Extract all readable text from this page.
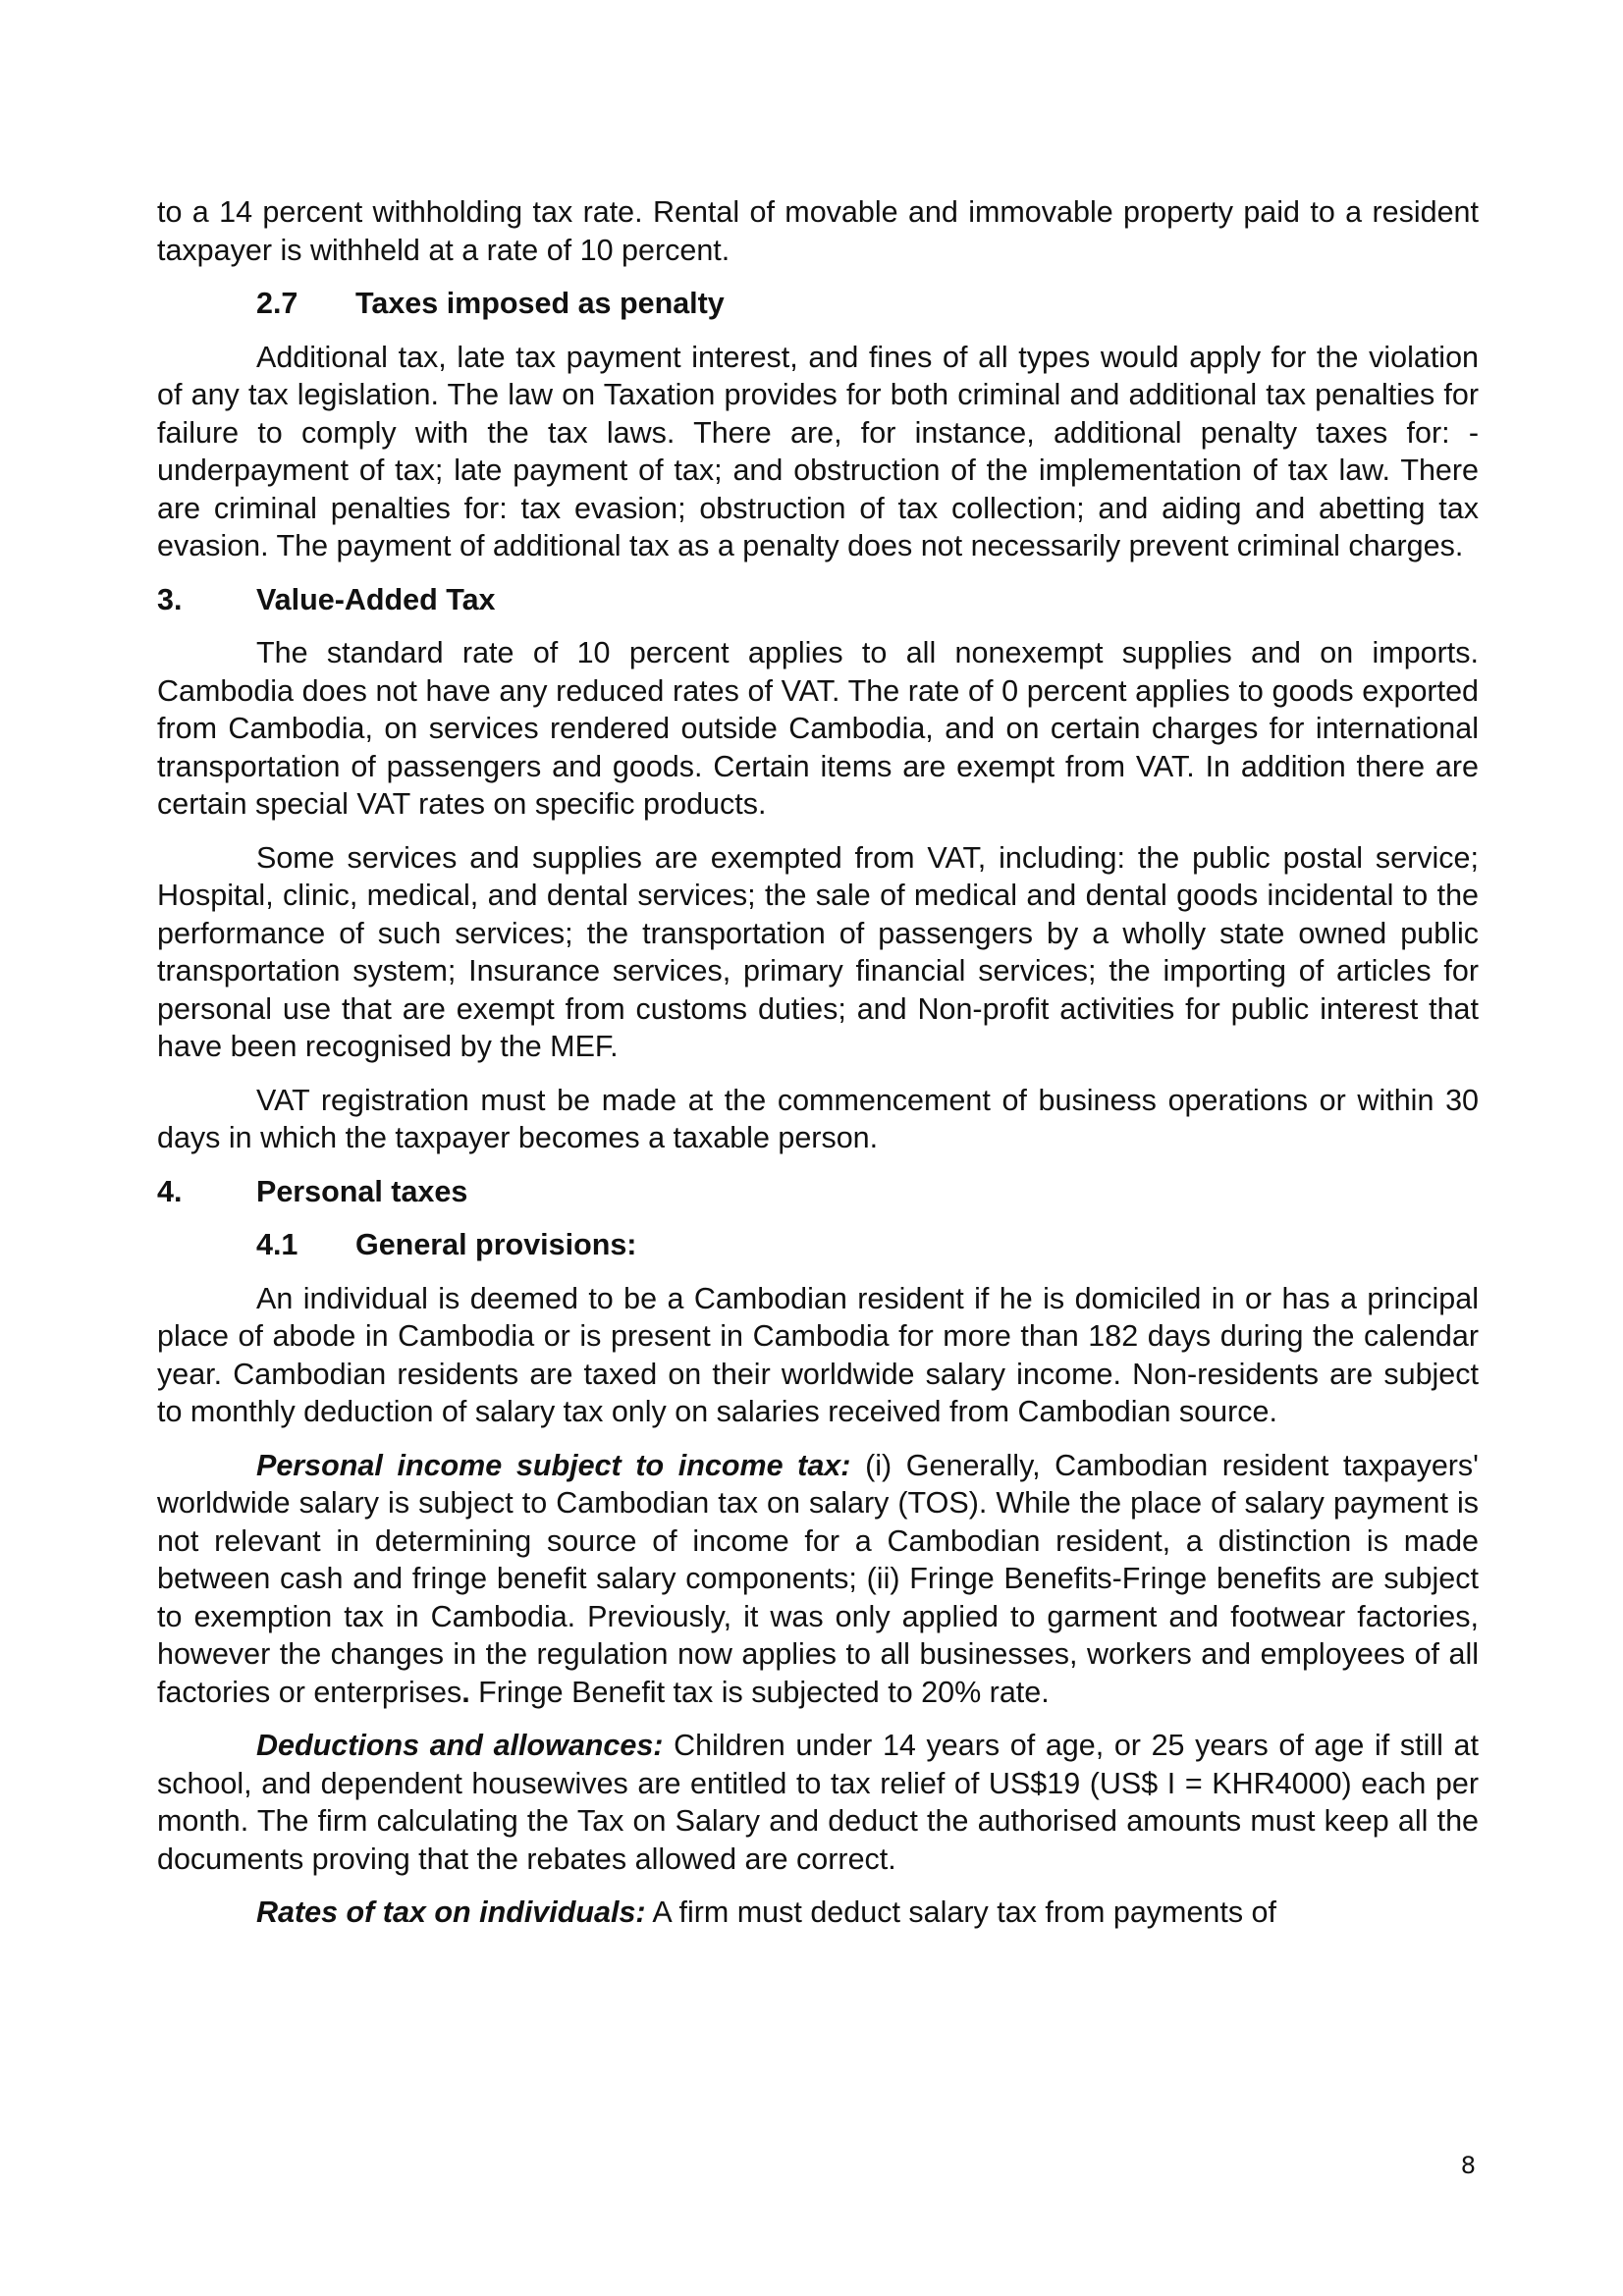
to a 14 percent withholding tax rate. Rental of movable and immovable property paid to a resident taxpayer is withheld at a rate of 10 percent.

2.7	Taxes imposed as penalty

Additional tax, late tax payment interest, and fines of all types would apply for the violation of any tax legislation. The law on Taxation provides for both criminal and additional tax penalties for failure to comply with the tax laws. There are, for instance, additional penalty taxes for: - underpayment of tax; late payment of tax; and obstruction of the implementation of tax law. There are criminal penalties for: tax evasion; obstruction of tax collection; and aiding and abetting tax evasion. The payment of additional tax as a penalty does not necessarily prevent criminal charges.

3.	Value-Added Tax

The standard rate of 10 percent applies to all nonexempt supplies and on imports. Cambodia does not have any reduced rates of VAT. The rate of 0 percent applies to goods exported from Cambodia, on services rendered outside Cambodia, and on certain charges for international transportation of passengers and goods. Certain items are exempt from VAT. In addition there are certain special VAT rates on specific products.

Some services and supplies are exempted from VAT, including: the public postal service; Hospital, clinic, medical, and dental services; the sale of medical and dental goods incidental to the performance of such services; the transportation of passengers by a wholly state owned public transportation system; Insurance services, primary financial services; the importing of articles for personal use that are exempt from customs duties; and Non-profit activities for public interest that have been recognised by the MEF.

VAT registration must be made at the commencement of business operations or within 30 days in which the taxpayer becomes a taxable person.

4.	Personal taxes
4.1	General provisions:

An individual is deemed to be a Cambodian resident if he is domiciled in or has a principal place of abode in Cambodia or is present in Cambodia for more than 182 days during the calendar year. Cambodian residents are taxed on their worldwide salary income. Non-residents are subject to monthly deduction of salary tax only on salaries received from Cambodian source.

Personal income subject to income tax: (i) Generally, Cambodian resident taxpayers' worldwide salary is subject to Cambodian tax on salary (TOS). While the place of salary payment is not relevant in determining source of income for a Cambodian resident, a distinction is made between cash and fringe benefit salary components; (ii) Fringe Benefits-Fringe benefits are subject to exemption tax in Cambodia. Previously, it was only applied to garment and footwear factories, however the changes in the regulation now applies to all businesses, workers and employees of all factories or enterprises. Fringe Benefit tax is subjected to 20% rate.

Deductions and allowances: Children under 14 years of age, or 25 years of age if still at school, and dependent housewives are entitled to tax relief of US$19 (US$ I = KHR4000) each per month. The firm calculating the Tax on Salary and deduct the authorised amounts must keep all the documents proving that the rebates allowed are correct.

Rates of tax on individuals: A firm must deduct salary tax from payments of

8
